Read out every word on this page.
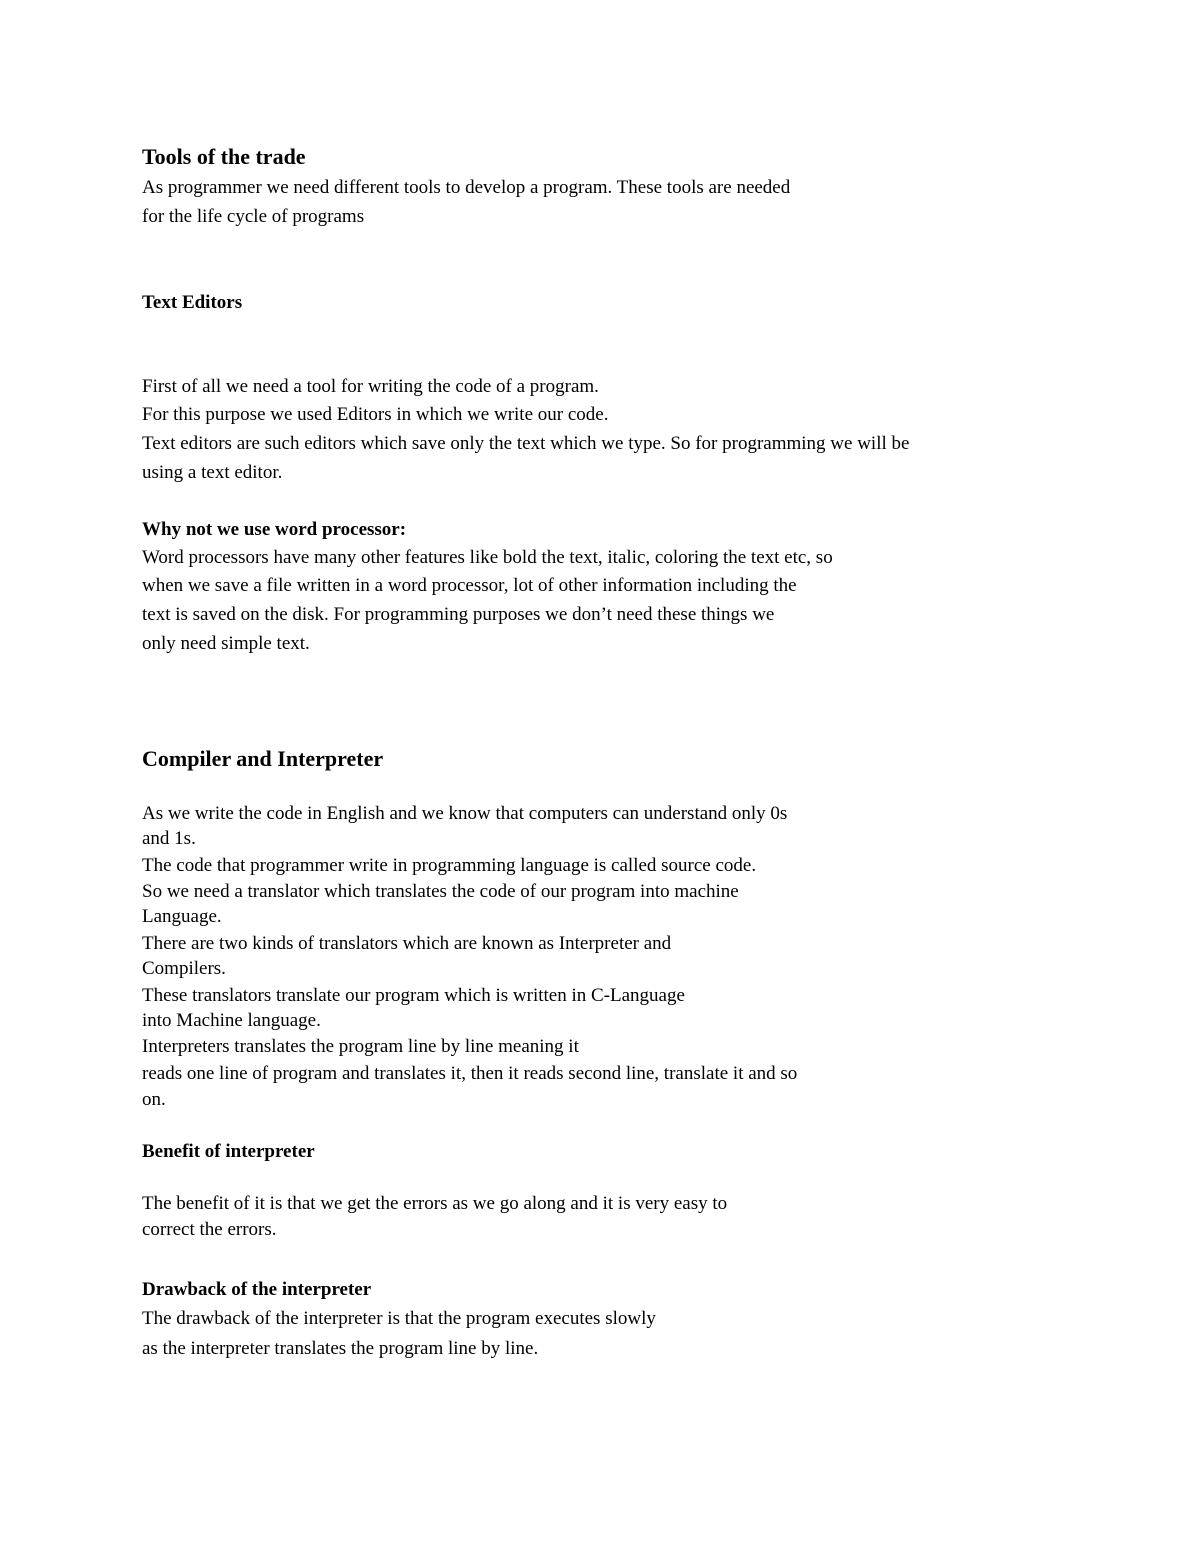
Tools of the trade
As programmer we need different tools to develop a program. These tools are needed
for the life cycle of programs
Text Editors
First of all we need a tool for writing the code of a program.
For this purpose we used Editors in which we write our code.
Text editors are such editors which save only the text which we type. So for programming we will be
using a text editor.
Why not we use word processor:
Word processors have many other features like bold the text, italic, coloring the text etc, so
when we save a file written in a word processor, lot of other information including the
text is saved on the disk. For programming purposes we don’t need these things we
only need simple text.
Compiler and Interpreter
As we write the code in English and we know that computers can understand only 0s
and 1s.
The code that programmer write in programming language is called source code.
So we need a translator which translates the code of our program into machine
Language.
There are two kinds of translators which are known as Interpreter and
Compilers.
These translators translate our program which is written in C-Language
into Machine language.
Interpreters translates the program line by line meaning it
reads one line of program and translates it, then it reads second line, translate it and so
on.
Benefit of interpreter
The benefit of it is that we get the errors as we go along and it is very easy to
correct the errors.
Drawback of the interpreter
The drawback of the interpreter is that the program executes slowly
as the interpreter translates the program line by line.
